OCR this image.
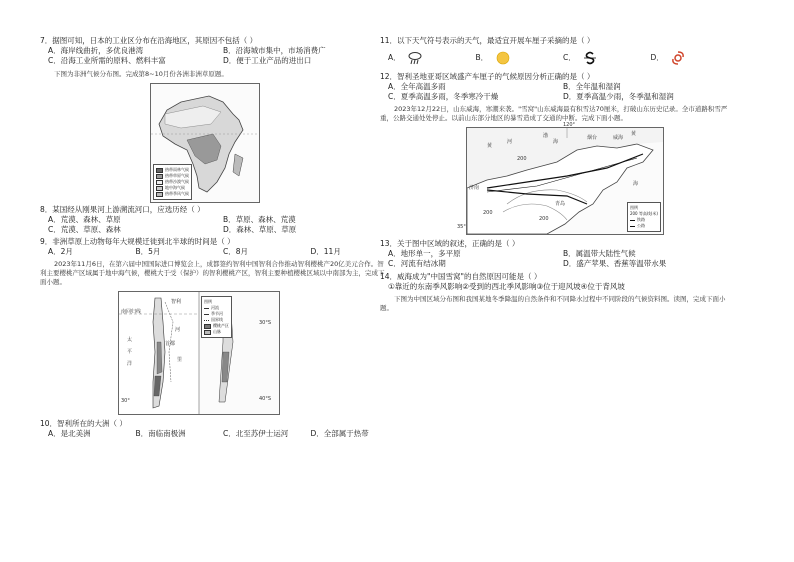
7．据图可知，日本的工业区分布在沿海地区，其原因不包括（ ）

A．海岸线曲折，多优良港湾	B．沿海城市集中，市场消费广
C．沿海工业所需的原料、燃料丰富	D．便于工业产品的进出口

下图为非洲气候分布图。完成第8~10月份各洲非洲草原题。

热带雨林气候
热带草原气候
热带沙漠气候
地中海气候
热带季风气候

8．某国经从刚果河上游溯流河口，应选历经（ ）

A．荒漠、森林、草原	B．草原、森林、荒漠
C．荒漠、草原、森林	D．森林、草原、草原

9．非洲草原上动物每年大规模迁徙到北半球的时间是（ ）

A．2月	B．5月	C．8月	D．11月

2023年11月6日，在第六届中国国际进口博览会上，成都签约智利中国智利合作推动智利樱桃产20亿美元合作。智利主要樱桃产区域属于地中海气候，樱桃大于受（保护）的智利樱桃产区，智利主要种植樱桃区域以中南部为主，完成下面小题。

南回归线
太
平
洋
河
里
智利
首都
30°S
40°S
30°
图例
河流
季节河
国界线
樱桃产区
山脉

10．智利所在的大洲（ ）

A．是北美洲	B．南临南极洲	C．北至苏伊士运河	D．全部属于热带

11．以下天气符号表示的天气，最适宜开展车厘子采摘的是（ ）

A．	B．	C．	D．

12．智利圣地亚哥区域盛产车厘子的气候原因分析正确的是（ ）

A．全年高温多雨	B．全年温和湿润
C．夏季高温多雨，冬季寒冷干燥	D．夏季高温少雨，冬季温和湿润

2023年12月22日，山东威海，寒潮来袭。"雪窝"山东威海最有积雪达70厘米，打破山东历史记录。全市道路积雪严重，公路交通处处停止。以前山东部分地区的暴雪造成了交通的中断。完成下面小题。

黄
河
渤
海
黄
海
烟台	威海
济南
青岛
120°
35°
200
200
200
图例
200 等高线(米)
铁路
公路

13．关于图中区域的叙述，正确的是（ ）

A．地形单一，多平原	B．属温带大陆性气候
C．河流有结冰期	D．盛产苹果、香蕉等温带水果

14．威海成为"中国雪窝"的自然原因可能是（ ）

①靠近的东南季风影响②受到的西北季风影响③位于迎风坡④位于背风坡

下图为中国区域分布图和我国某地冬季降温的自然条件和不同降水过程中不同阶段的气候资料图。读图，完成下面小题。
